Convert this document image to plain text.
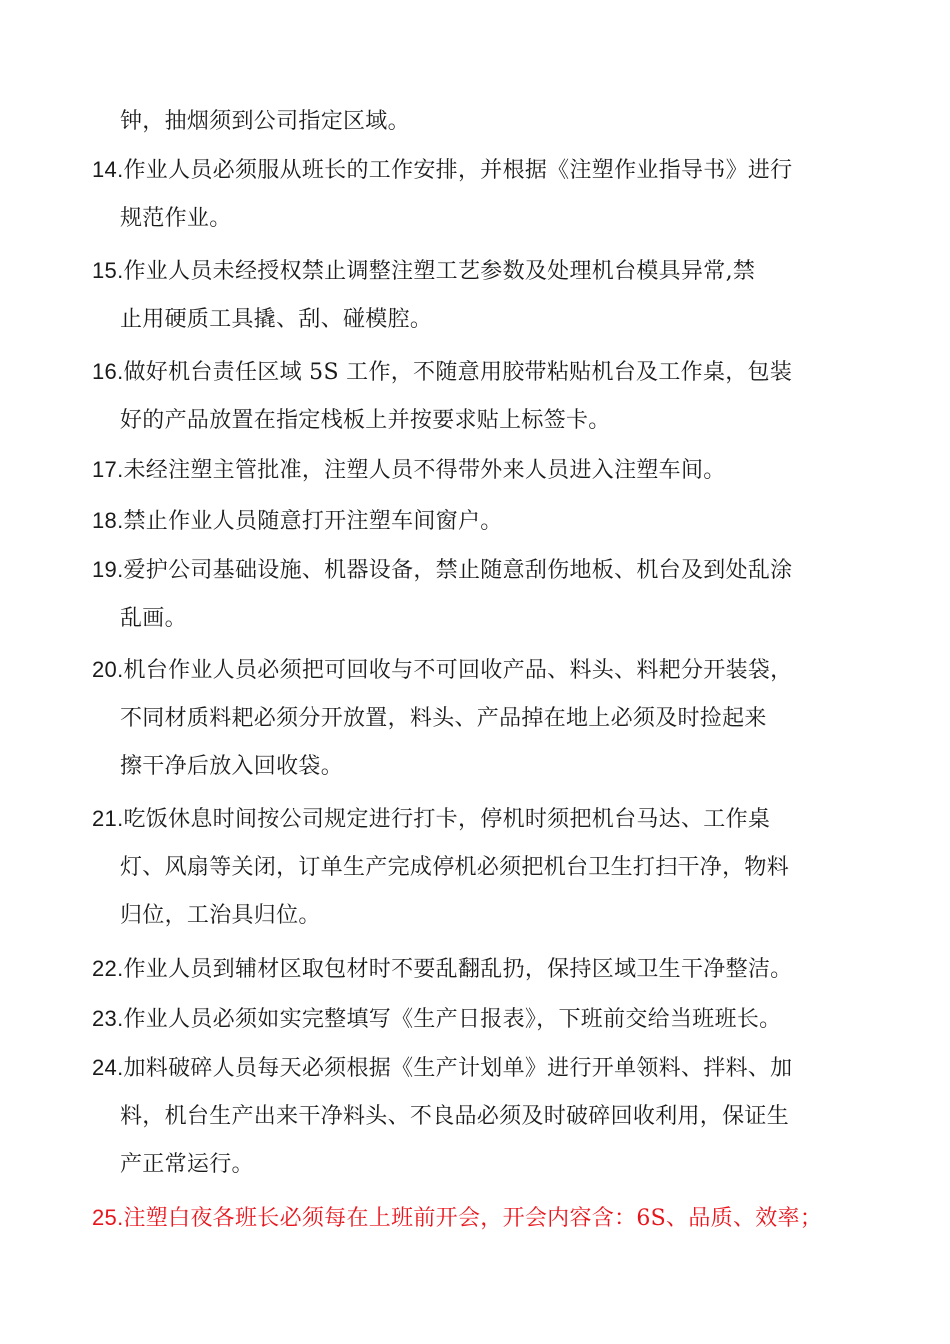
钟，抽烟须到公司指定区域。
14.作业人员必须服从班长的工作安排，并根据《注塑作业指导书》进行
规范作业。
15.作业人员未经授权禁止调整注塑工艺参数及处理机台模具异常,禁
止用硬质工具撬、刮、碰模腔。
16.做好机台责任区域 5S 工作，不随意用胶带粘贴机台及工作桌，包装
好的产品放置在指定栈板上并按要求贴上标签卡。
17.未经注塑主管批准，注塑人员不得带外来人员进入注塑车间。
18.禁止作业人员随意打开注塑车间窗户。
19.爱护公司基础设施、机器设备，禁止随意刮伤地板、机台及到处乱涂
乱画。
20.机台作业人员必须把可回收与不可回收产品、料头、料耙分开装袋，
不同材质料耙必须分开放置，料头、产品掉在地上必须及时捡起来
擦干净后放入回收袋。
21.吃饭休息时间按公司规定进行打卡，停机时须把机台马达、工作桌
灯、风扇等关闭，订单生产完成停机必须把机台卫生打扫干净，物料
归位，工治具归位。
22.作业人员到辅材区取包材时不要乱翻乱扔，保持区域卫生干净整洁。
23.作业人员必须如实完整填写《生产日报表》，下班前交给当班班长。
24.加料破碎人员每天必须根据《生产计划单》进行开单领料、拌料、加
料，机台生产出来干净料头、不良品必须及时破碎回收利用，保证生
产正常运行。
25.注塑白夜各班长必须每在上班前开会，开会内容含：6S、品质、效率；
